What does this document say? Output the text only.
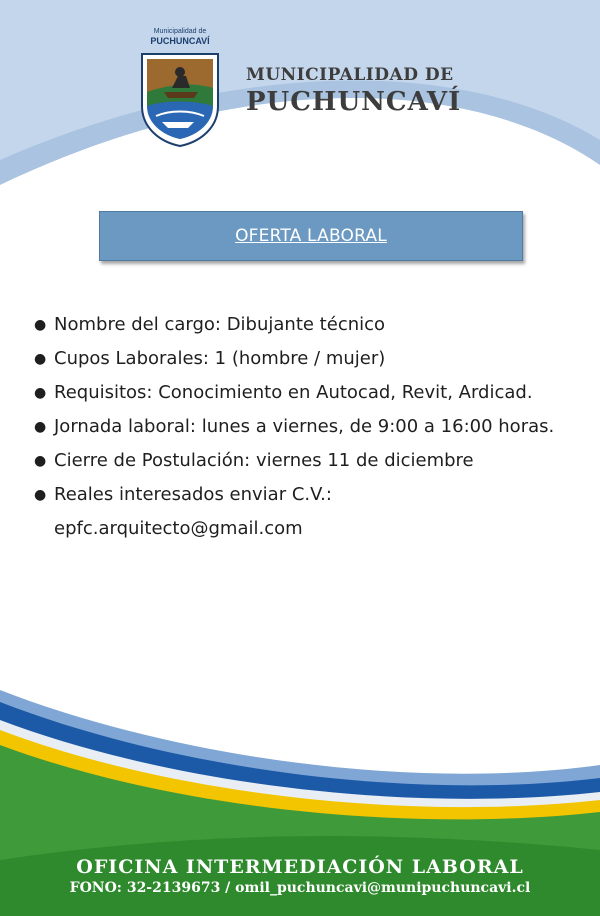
Municipalidad de
PUCHUNCAVÍ
MUNICIPALIDAD DE
PUCHUNCAVÍ
OFERTA LABORAL
● Nombre del cargo: Dibujante técnico
● Cupos Laborales: 1 (hombre / mujer)
● Requisitos: Conocimiento en Autocad, Revit, Ardicad.
● Jornada laboral: lunes a viernes, de 9:00 a 16:00 horas.
● Cierre de Postulación: viernes 11 de diciembre
● Reales interesados enviar C.V.: epfc.arquitecto@gmail.com
OFICINA INTERMEDIACIÓN LABORAL
FONO: 32-2139673 / omil_puchuncavi@munipuchuncavi.cl
